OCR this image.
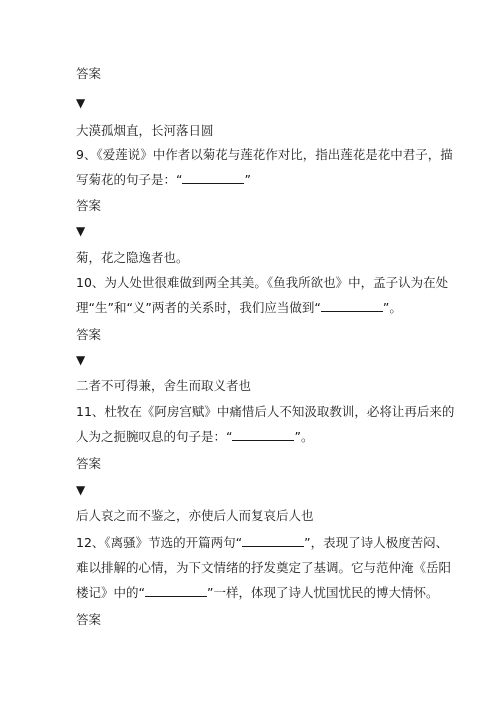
答案
▼
大漠孤烟直，长河落日圆
9、《爱莲说》中作者以菊花与莲花作对比，指出莲花是花中君子，描
写菊花的句子是：“	”
答案
▼
菊，花之隐逸者也。
10、为人处世很难做到两全其美。《鱼我所欲也》中，孟子认为在处
理“生”和“义”两者的关系时，我们应当做到“	”。
答案
▼
二者不可得兼，舍生而取义者也
11、杜牧在《阿房宫赋》中痛惜后人不知汲取教训，必将让再后来的
人为之扼腕叹息的句子是：“	”。
答案
▼
后人哀之而不鉴之，亦使后人而复哀后人也
12、《离骚》节选的开篇两句“	”，表现了诗人极度苦闷、
难以排解的心情，为下文情绪的抒发奠定了基调。它与范仲淹《岳阳
楼记》中的“	”一样，体现了诗人忧国忧民的博大情怀。
答案
